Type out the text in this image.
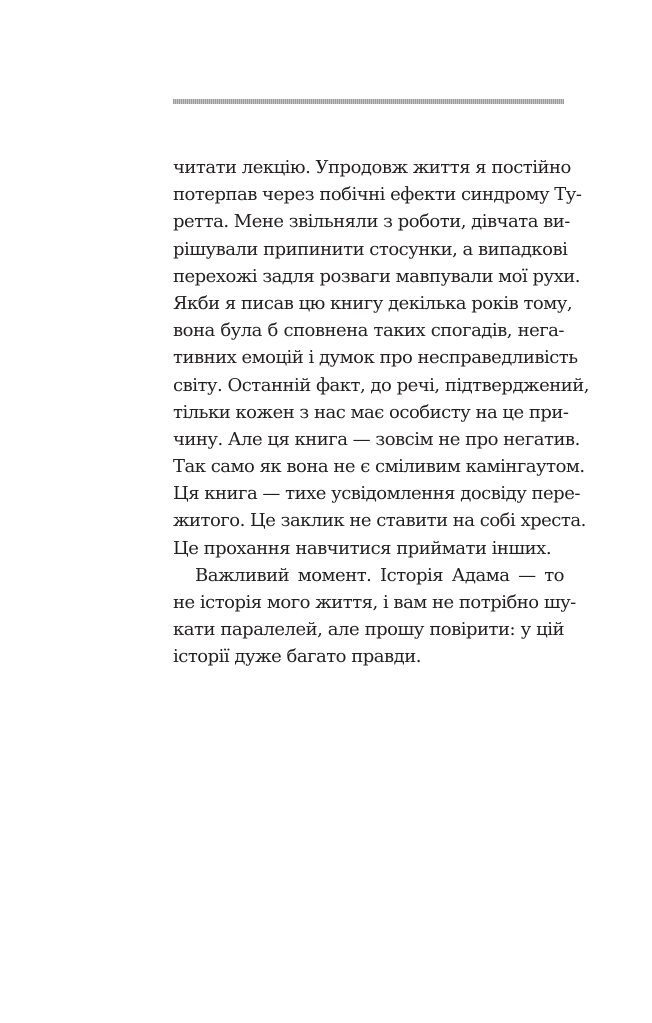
читати лекцію. Упродовж життя я постійно
потерпав через побічні ефекти синдрому Ту-
ретта. Мене звільняли з роботи, дівчата ви-
рішували припинити стосунки, а випадкові
перехожі задля розваги мавпували мої рухи.
Якби я писав цю книгу декілька років тому,
вона була б сповнена таких спогадів, нега-
тивних емоцій і думок про несправедливість
світу. Останній факт, до речі, підтверджений,
тільки кожен з нас має особисту на це при-
чину. Але ця книга — зовсім не про негатив.
Так само як вона не є сміливим камінгаутом.
Ця книга — тихе усвідомлення досвіду пере-
житого. Це заклик не ставити на собі хреста.
Це прохання навчитися приймати інших.
Важливий момент. Історія Адама — то
не історія мого життя, і вам не потрібно шу-
кати паралелей, але прошу повірити: у цій
історії дуже багато правди.
